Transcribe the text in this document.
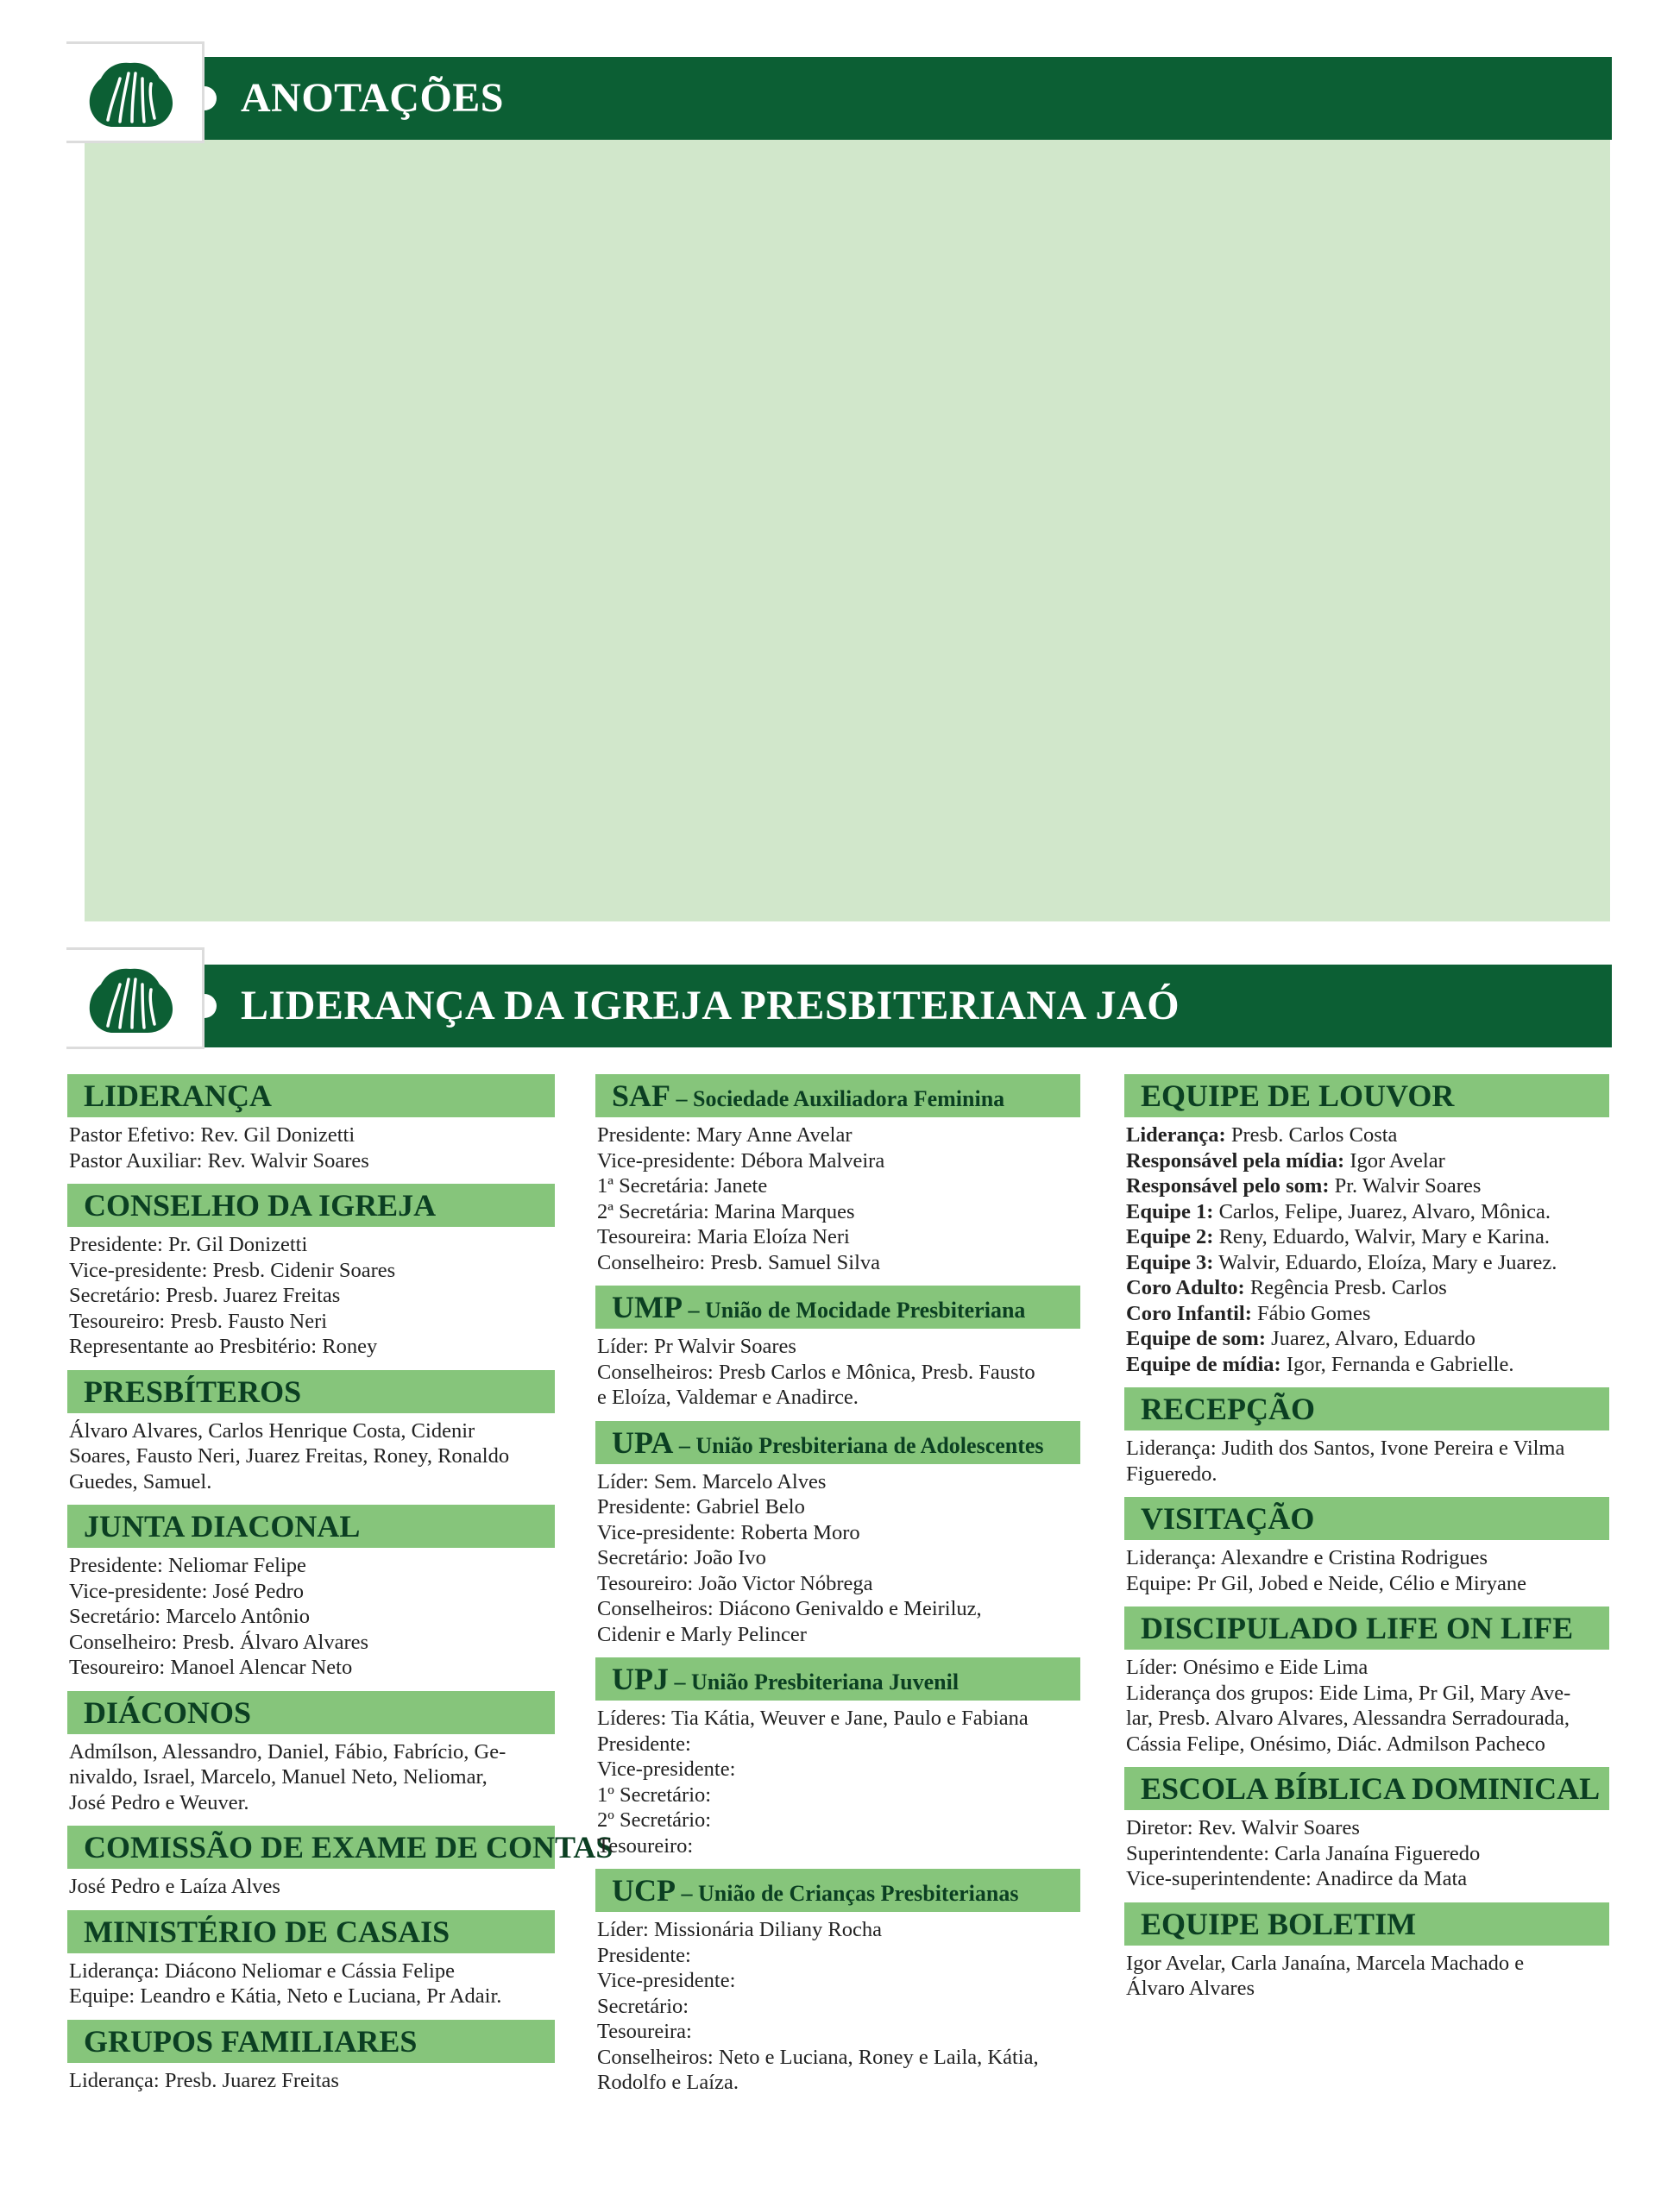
ANOTAÇÕES
LIDERANÇA DA IGREJA PRESBITERIANA JAÓ
LIDERANÇA
Pastor Efetivo: Rev. Gil Donizetti
Pastor Auxiliar: Rev. Walvir Soares
CONSELHO DA IGREJA
Presidente: Pr. Gil Donizetti
Vice-presidente: Presb. Cidenir Soares
Secretário: Presb. Juarez Freitas
Tesoureiro: Presb. Fausto Neri
Representante ao Presbitério: Roney
PRESBÍTEROS
Álvaro Alvares, Carlos Henrique Costa, Cidenir
Soares, Fausto Neri, Juarez Freitas, Roney, Ronaldo
Guedes, Samuel.
JUNTA DIACONAL
Presidente: Neliomar Felipe
Vice-presidente: José Pedro
Secretário: Marcelo Antônio
Conselheiro: Presb. Álvaro Alvares
Tesoureiro: Manoel Alencar Neto
DIÁCONOS
Admílson, Alessandro, Daniel, Fábio, Fabrício, Ge-
nivaldo, Israel, Marcelo, Manuel Neto, Neliomar,
José Pedro e Weuver.
COMISSÃO DE EXAME DE CONTAS
José Pedro e Laíza Alves
MINISTÉRIO DE CASAIS
Liderança: Diácono Neliomar e Cássia Felipe
Equipe: Leandro e Kátia, Neto e Luciana, Pr Adair.
GRUPOS FAMILIARES
Liderança: Presb. Juarez Freitas
SAF – Sociedade Auxiliadora Feminina
Presidente: Mary Anne Avelar
Vice-presidente: Débora Malveira
1ª Secretária: Janete
2ª Secretária: Marina Marques
Tesoureira: Maria Eloíza Neri
Conselheiro: Presb. Samuel Silva
UMP – União de Mocidade Presbiteriana
Líder: Pr Walvir Soares
Conselheiros: Presb Carlos e Mônica, Presb. Fausto
e Eloíza, Valdemar e Anadirce.
UPA – União Presbiteriana de Adolescentes
Líder: Sem. Marcelo Alves
Presidente: Gabriel Belo
Vice-presidente: Roberta Moro
Secretário: João Ivo
Tesoureiro: João Victor Nóbrega
Conselheiros: Diácono Genivaldo e Meiriluz,
Cidenir e Marly Pelincer
UPJ – União Presbiteriana Juvenil
Líderes: Tia Kátia, Weuver e Jane, Paulo e Fabiana
Presidente:
Vice-presidente:
1º Secretário:
2º Secretário:
Tesoureiro:
UCP – União de Crianças Presbiterianas
Líder: Missionária Diliany Rocha
Presidente:
Vice-presidente:
Secretário:
Tesoureira:
Conselheiros: Neto e Luciana, Roney e Laila, Kátia,
Rodolfo e Laíza.
EQUIPE DE LOUVOR
Liderança: Presb. Carlos Costa
Responsável pela mídia: Igor Avelar
Responsável pelo som: Pr. Walvir Soares
Equipe 1: Carlos, Felipe, Juarez, Alvaro, Mônica.
Equipe 2: Reny, Eduardo, Walvir, Mary e Karina.
Equipe 3: Walvir, Eduardo, Eloíza, Mary e Juarez.
Coro Adulto: Regência Presb. Carlos
Coro Infantil: Fábio Gomes
Equipe de som: Juarez, Alvaro, Eduardo
Equipe de mídia: Igor, Fernanda e Gabrielle.
RECEPÇÃO
Liderança: Judith dos Santos, Ivone Pereira e Vilma
Figueredo.
VISITAÇÃO
Liderança: Alexandre e Cristina Rodrigues
Equipe: Pr Gil, Jobed e Neide, Célio e Miryane
DISCIPULADO LIFE ON LIFE
Líder: Onésimo e Eide Lima
Liderança dos grupos: Eide Lima, Pr Gil, Mary Ave-
lar, Presb. Alvaro Alvares, Alessandra Serradourada,
Cássia Felipe, Onésimo, Diác. Admilson Pacheco
ESCOLA BÍBLICA DOMINICAL
Diretor: Rev. Walvir Soares
Superintendente: Carla Janaína Figueredo
Vice-superintendente: Anadirce da Mata
EQUIPE BOLETIM
Igor Avelar, Carla Janaína, Marcela Machado e
Álvaro Alvares
